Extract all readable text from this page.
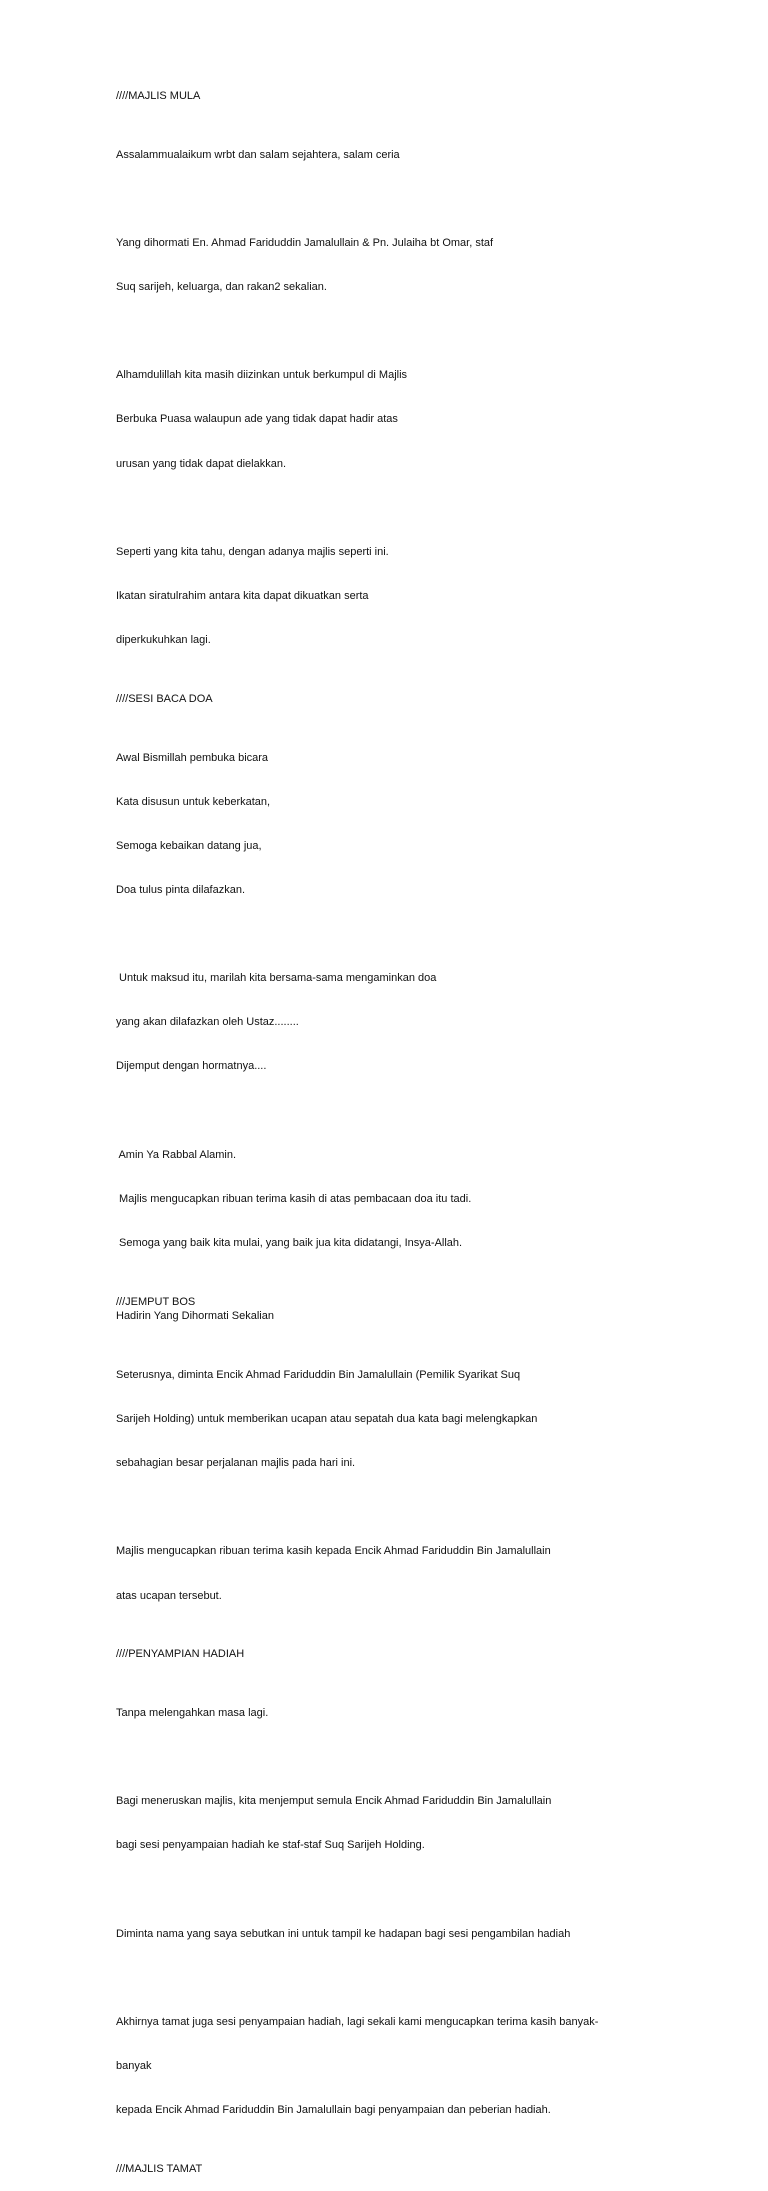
////MAJLIS MULA

Assalammualaikum wrbt dan salam sejahtera, salam ceria

Yang dihormati En. Ahmad Fariduddin Jamalullain & Pn. Julaiha bt Omar, staf

Suq sarijeh, keluarga, dan rakan2 sekalian.

Alhamdulillah kita masih diizinkan untuk berkumpul di Majlis

Berbuka Puasa walaupun ade yang tidak dapat hadir atas

urusan yang tidak dapat dielakkan.

Seperti yang kita tahu, dengan adanya majlis seperti ini.

Ikatan siratulrahim antara kita dapat dikuatkan serta

diperkukuhkan lagi.

////SESI BACA DOA

Awal Bismillah pembuka bicara

Kata disusun untuk keberkatan,

Semoga kebaikan datang jua,

Doa tulus pinta dilafazkan.

Untuk maksud itu, marilah kita bersama-sama mengaminkan doa

yang akan dilafazkan oleh Ustaz........

Dijemput dengan hormatnya....

Amin Ya Rabbal Alamin.

Majlis mengucapkan ribuan terima kasih di atas pembacaan doa itu tadi.

Semoga yang baik kita mulai, yang baik jua kita didatangi, Insya-Allah.

///JEMPUT BOS
Hadirin Yang Dihormati Sekalian

Seterusnya, diminta Encik Ahmad Fariduddin Bin Jamalullain (Pemilik Syarikat Suq

Sarijeh Holding) untuk memberikan ucapan atau sepatah dua kata bagi melengkapkan

sebahagian besar perjalanan majlis pada hari ini.

Majlis mengucapkan ribuan terima kasih kepada Encik Ahmad Fariduddin Bin Jamalullain

atas ucapan tersebut.

////PENYAMPIAN HADIAH

Tanpa melengahkan masa lagi.

Bagi meneruskan majlis, kita menjemput semula Encik Ahmad Fariduddin Bin Jamalullain

bagi sesi penyampaian hadiah ke staf-staf Suq Sarijeh Holding.

Diminta nama yang saya sebutkan ini untuk tampil ke hadapan bagi sesi pengambilan hadiah

Akhirnya tamat juga sesi penyampaian hadiah, lagi sekali kami mengucapkan terima kasih banyak-

banyak

kepada Encik Ahmad Fariduddin Bin Jamalullain bagi penyampaian dan peberian hadiah.

///MAJLIS TAMAT
